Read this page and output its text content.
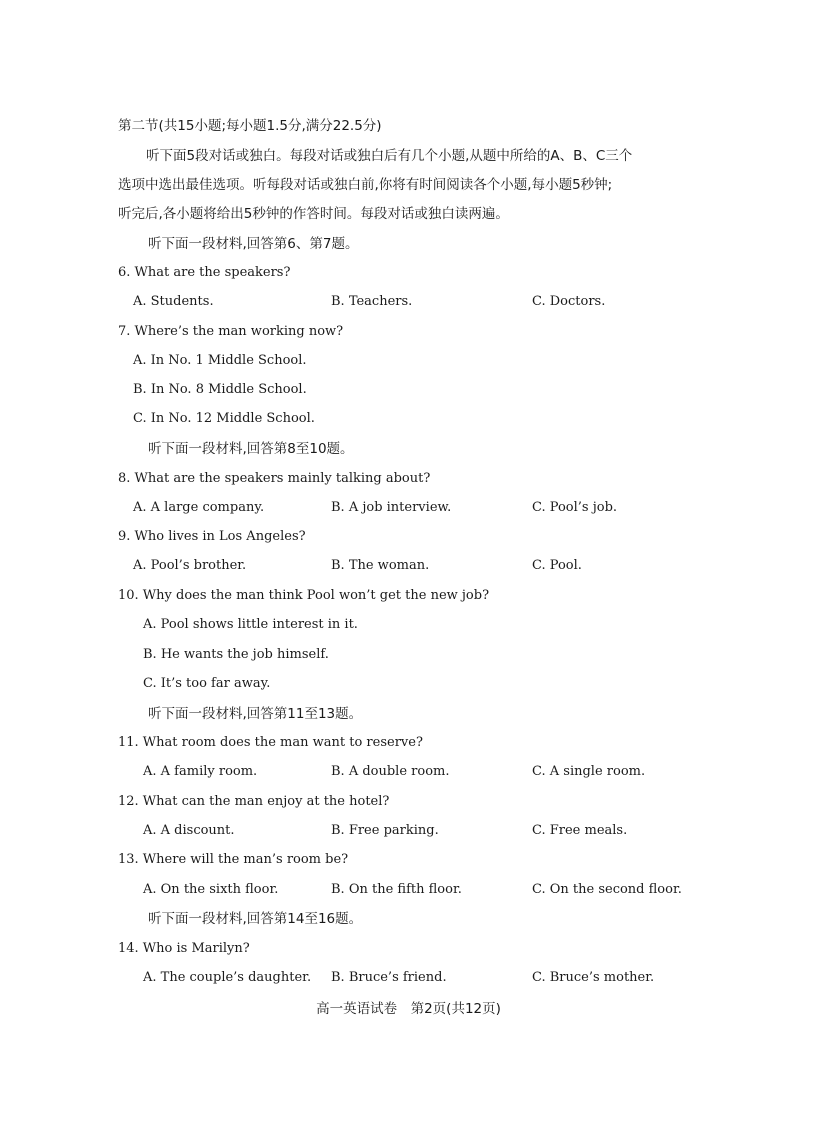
第二节(共15小题;每小题1.5分,满分22.5分)
听下面5段对话或独白。每段对话或独白后有几个小题,从题中所给的A、B、C三个
选项中选出最佳选项。听每段对话或独白前,你将有时间阅读各个小题,每小题5秒钟;
听完后,各小题将给出5秒钟的作答时间。每段对话或独白读两遍。
听下面一段材料,回答第6、第7题。
6. What are the speakers?
A. Students.	B. Teachers.	C. Doctors.
7. Where’s the man working now?
A. In No. 1 Middle School.
B. In No. 8 Middle School.
C. In No. 12 Middle School.
听下面一段材料,回答第8至10题。
8. What are the speakers mainly talking about?
A. A large company.	B. A job interview.	C. Pool’s job.
9. Who lives in Los Angeles?
A. Pool’s brother.	B. The woman.	C. Pool.
10. Why does the man think Pool won’t get the new job?
A. Pool shows little interest in it.
B. He wants the job himself.
C. It’s too far away.
听下面一段材料,回答第11至13题。
11. What room does the man want to reserve?
A. A family room.	B. A double room.	C. A single room.
12. What can the man enjoy at the hotel?
A. A discount.	B. Free parking.	C. Free meals.
13. Where will the man’s room be?
A. On the sixth floor.	B. On the fifth floor.	C. On the second floor.
听下面一段材料,回答第14至16题。
14. Who is Marilyn?
A. The couple’s daughter. B. Bruce’s friend.	C. Bruce’s mother.
高一英语试卷　第2页(共12页)
